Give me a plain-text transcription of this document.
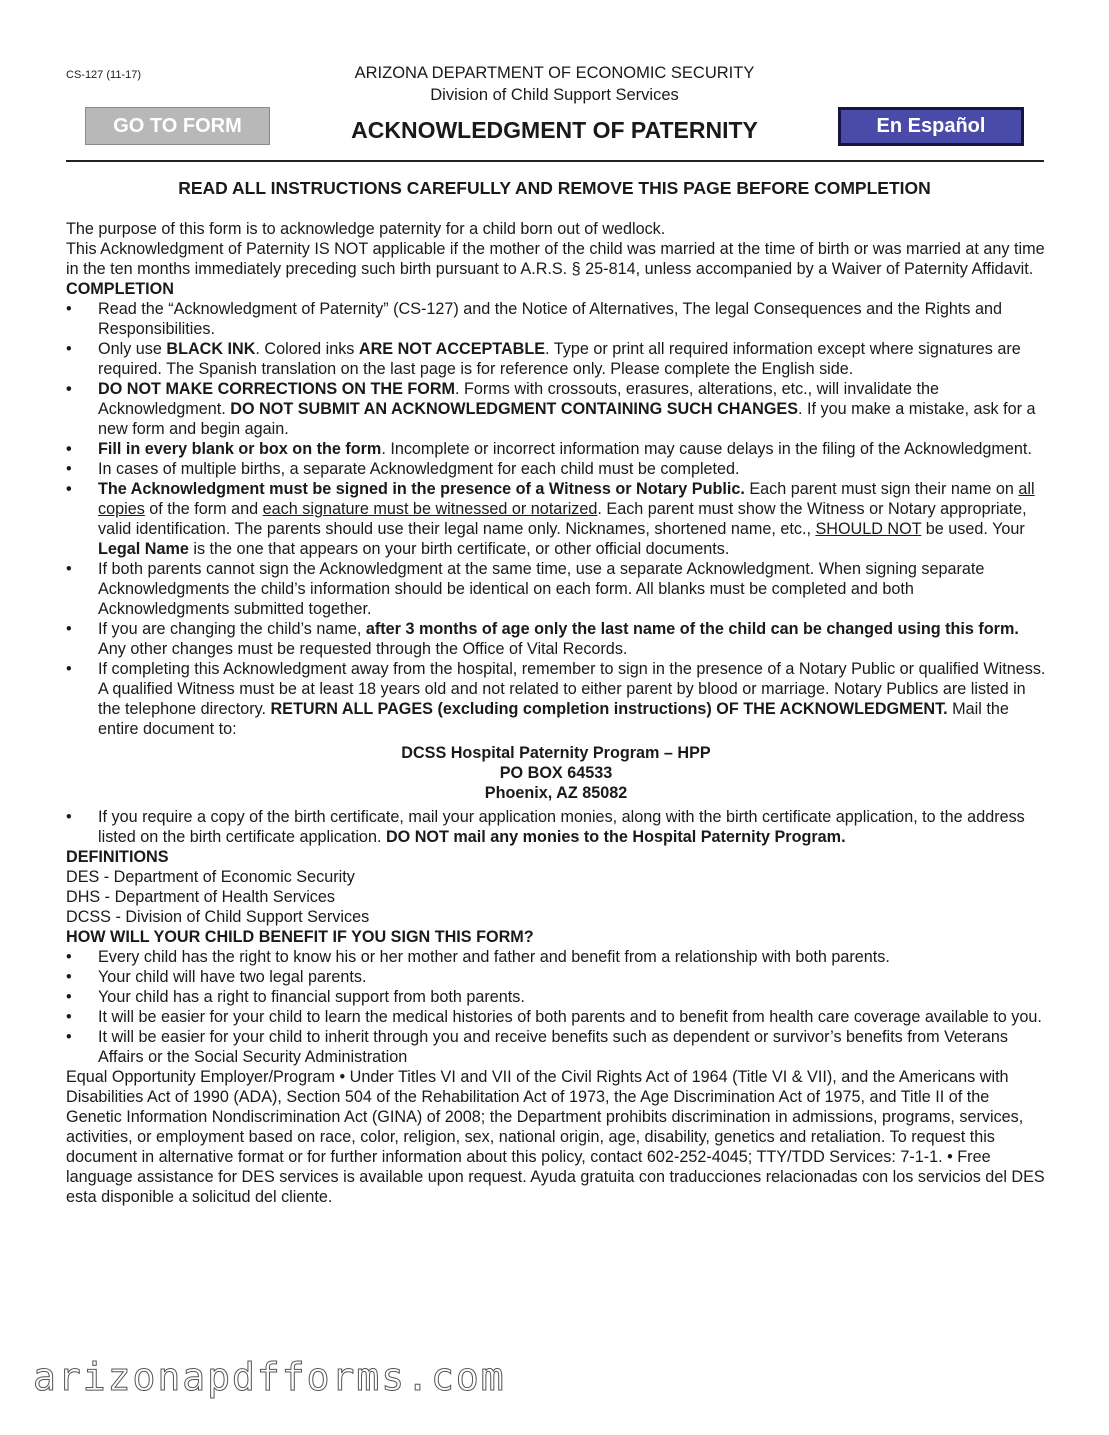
CS-127 (11-17)	ARIZONA DEPARTMENT OF ECONOMIC SECURITY
Division of Child Support Services
GO TO FORM	ACKNOWLEDGMENT OF PATERNITY	En Español
READ ALL INSTRUCTIONS CAREFULLY AND REMOVE THIS PAGE BEFORE COMPLETION

The purpose of this form is to acknowledge paternity for a child born out of wedlock.

This Acknowledgment of Paternity IS NOT applicable if the mother of the child was married at the time of birth or was married at any time in the ten months immediately preceding such birth pursuant to A.R.S. § 25-814, unless accompanied by a Waiver of Paternity Affidavit.

COMPLETION

• Read the “Acknowledgment of Paternity” (CS-127) and the Notice of Alternatives, The legal Consequences and the Rights and Responsibilities.
• Only use BLACK INK. Colored inks ARE NOT ACCEPTABLE. Type or print all required information except where signatures are required. The Spanish translation on the last page is for reference only. Please complete the English side.
• DO NOT MAKE CORRECTIONS ON THE FORM. Forms with crossouts, erasures, alterations, etc., will invalidate the Acknowledgment. DO NOT SUBMIT AN ACKNOWLEDGMENT CONTAINING SUCH CHANGES. If you make a mistake, ask for a new form and begin again.
• Fill in every blank or box on the form. Incomplete or incorrect information may cause delays in the filing of the Acknowledgment.
• In cases of multiple births, a separate Acknowledgment for each child must be completed.
• The Acknowledgment must be signed in the presence of a Witness or Notary Public. Each parent must sign their name on all copies of the form and each signature must be witnessed or notarized. Each parent must show the Witness or Notary appropriate, valid identification. The parents should use their legal name only. Nicknames, shortened name, etc., SHOULD NOT be used. Your Legal Name is the one that appears on your birth certificate, or other official documents.
• If both parents cannot sign the Acknowledgment at the same time, use a separate Acknowledgment. When signing separate Acknowledgments the child’s information should be identical on each form. All blanks must be completed and both Acknowledgments submitted together.
• If you are changing the child’s name, after 3 months of age only the last name of the child can be changed using this form. Any other changes must be requested through the Office of Vital Records.
• If completing this Acknowledgment away from the hospital, remember to sign in the presence of a Notary Public or qualified Witness. A qualified Witness must be at least 18 years old and not related to either parent by blood or marriage. Notary Publics are listed in the telephone directory. RETURN ALL PAGES (excluding completion instructions) OF THE ACKNOWLEDGMENT. Mail the entire document to:
DCSS Hospital Paternity Program – HPP
PO BOX 64533
Phoenix, AZ 85082
• If you require a copy of the birth certificate, mail your application monies, along with the birth certificate application, to the address listed on the birth certificate application. DO NOT mail any monies to the Hospital Paternity Program.

DEFINITIONS

DES - Department of Economic Security
DHS - Department of Health Services
DCSS - Division of Child Support Services

HOW WILL YOUR CHILD BENEFIT IF YOU SIGN THIS FORM?

• Every child has the right to know his or her mother and father and benefit from a relationship with both parents.
• Your child will have two legal parents.
• Your child has a right to financial support from both parents.
• It will be easier for your child to learn the medical histories of both parents and to benefit from health care coverage available to you.
• It will be easier for your child to inherit through you and receive benefits such as dependent or survivor’s benefits from Veterans Affairs or the Social Security Administration

Equal Opportunity Employer/Program • Under Titles VI and VII of the Civil Rights Act of 1964 (Title VI & VII), and the Americans with Disabilities Act of 1990 (ADA), Section 504 of the Rehabilitation Act of 1973, the Age Discrimination Act of 1975, and Title II of the Genetic Information Nondiscrimination Act (GINA) of 2008; the Department prohibits discrimination in admissions, programs, services, activities, or employment based on race, color, religion, sex, national origin, age, disability, genetics and retaliation. To request this document in alternative format or for further information about this policy, contact 602-252-4045; TTY/TDD Services: 7-1-1. • Free language assistance for DES services is available upon request. Ayuda gratuita con traducciones relacionadas con los servicios del DES esta disponible a solicitud del cliente.

arizonapdfforms.com
